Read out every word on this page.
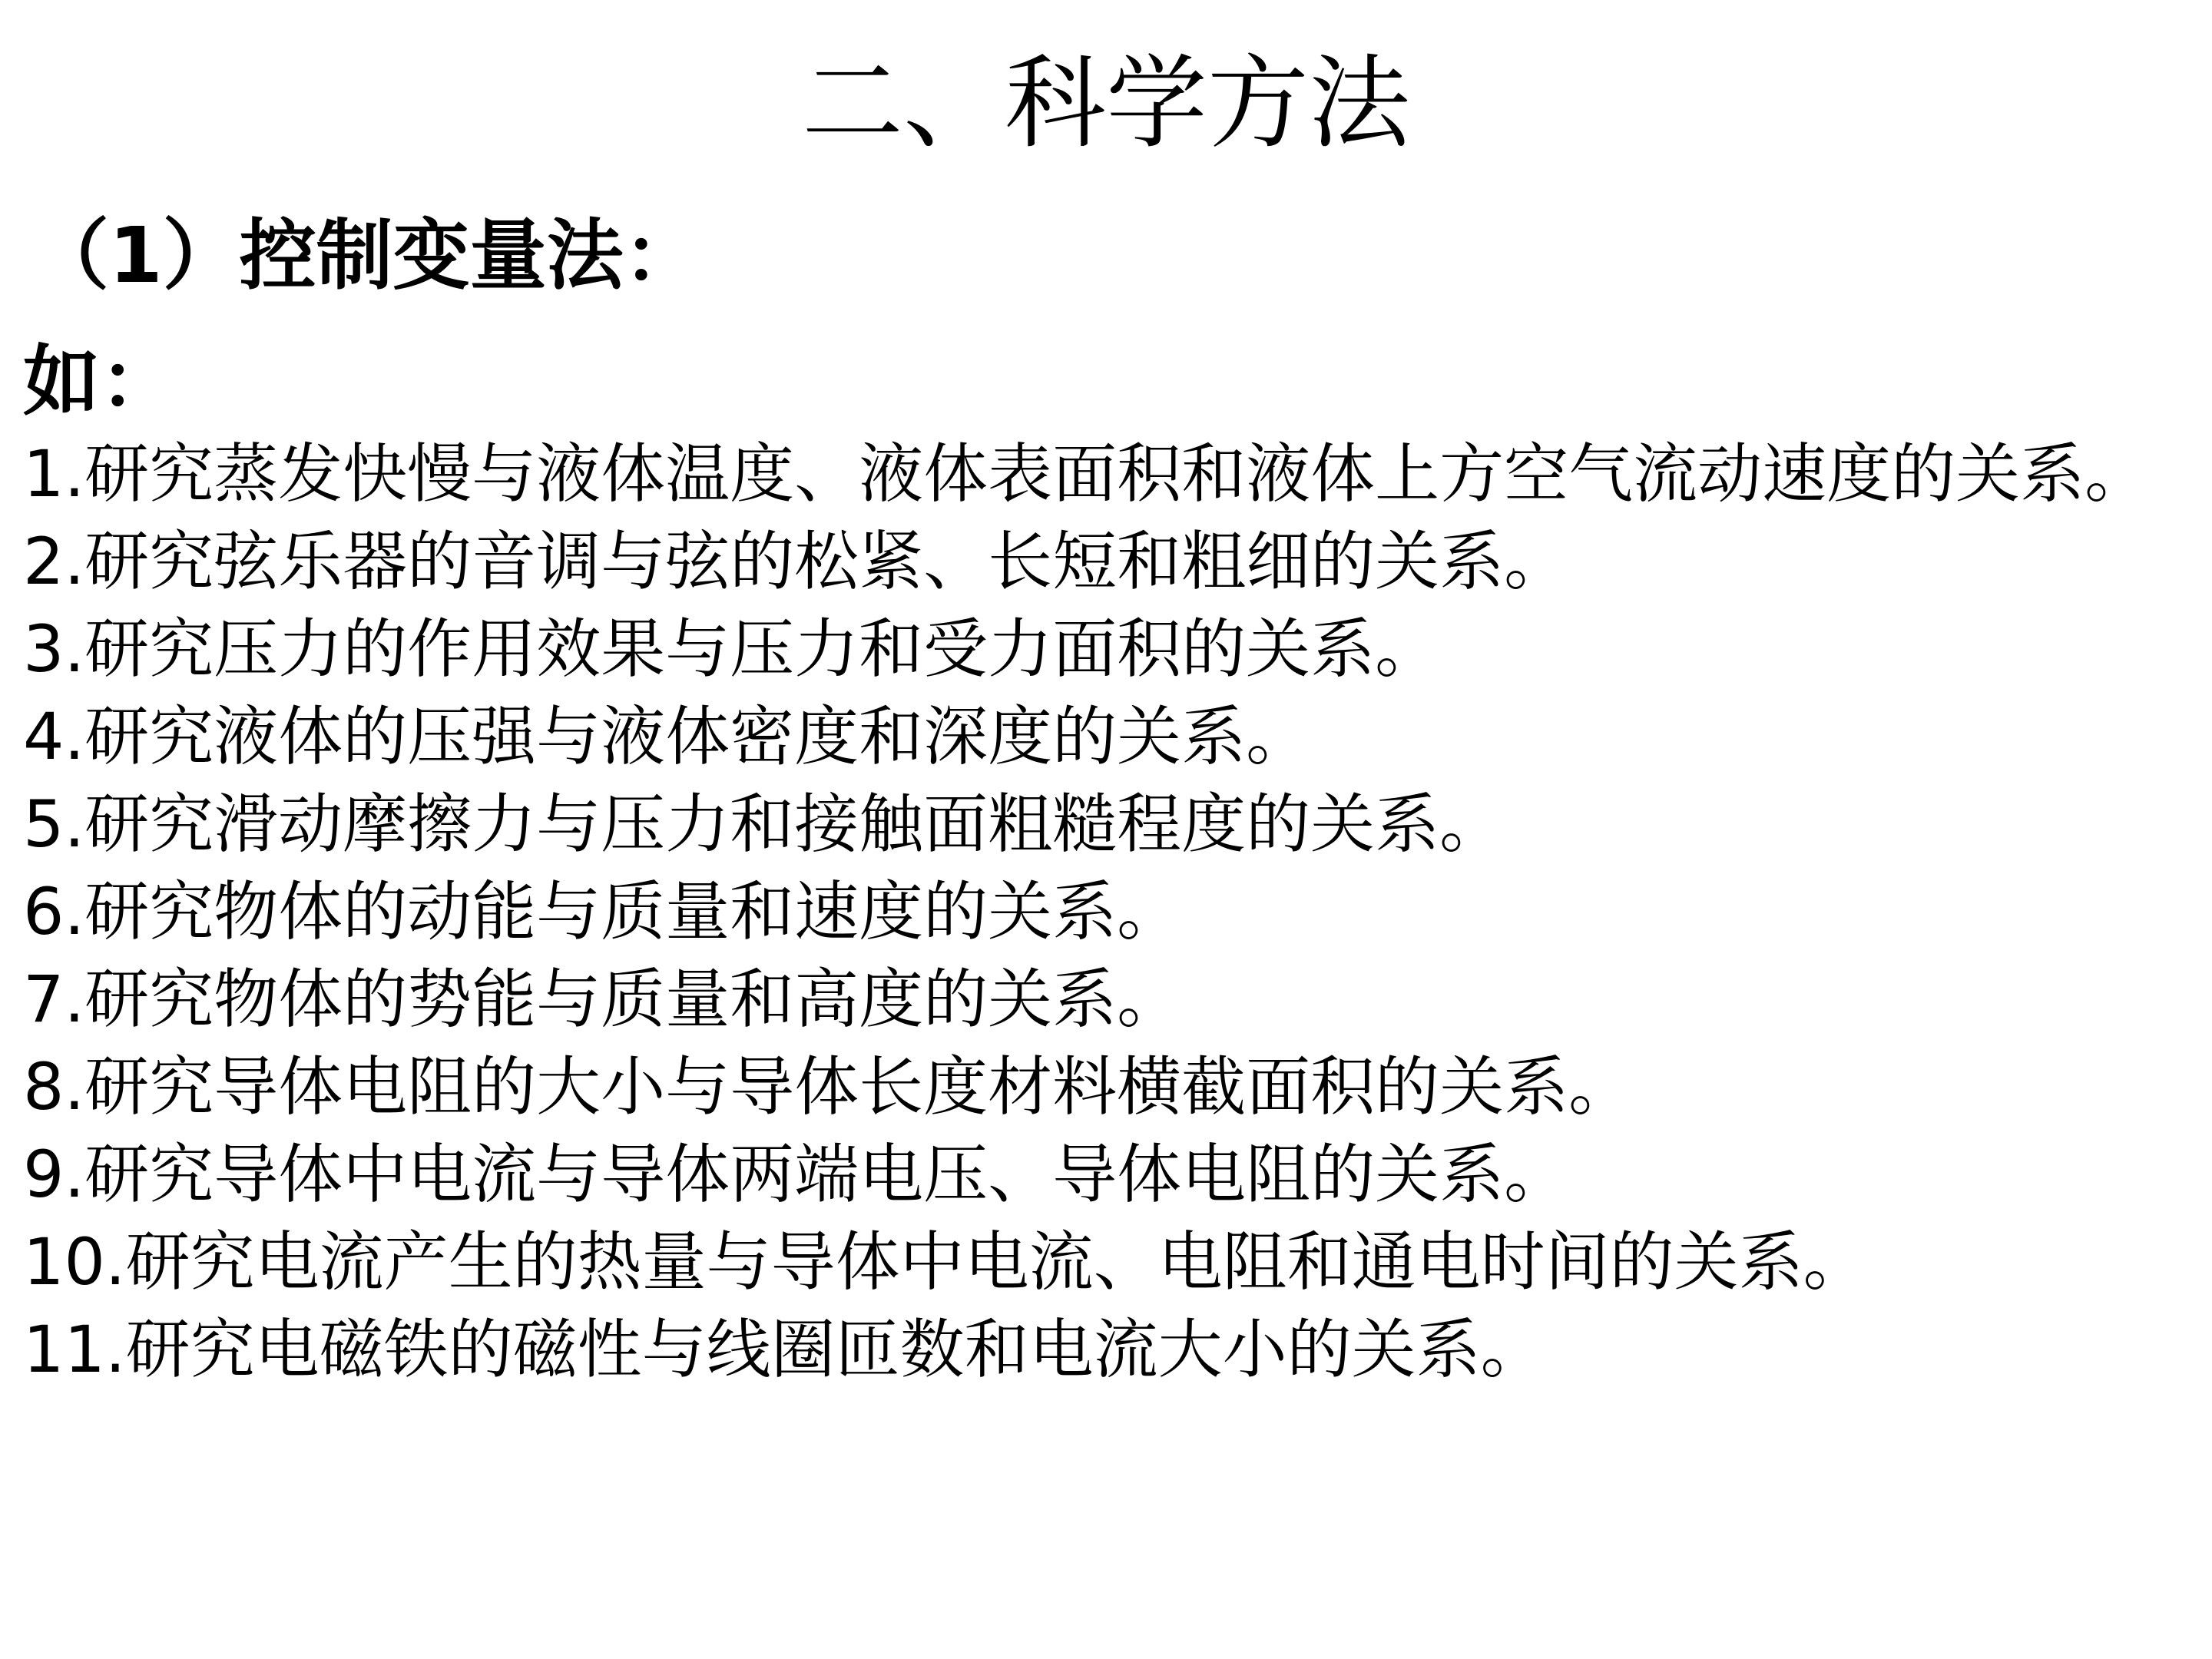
二、科学方法
（1）控制变量法：
如：
1.研究蒸发快慢与液体温度、液体表面积和液体上方空气流动速度的关系。
2.研究弦乐器的音调与弦的松紧、长短和粗细的关系。
3.研究压力的作用效果与压力和受力面积的关系。
4.研究液体的压强与液体密度和深度的关系。
5.研究滑动摩擦力与压力和接触面粗糙程度的关系。
6.研究物体的动能与质量和速度的关系。
7.研究物体的势能与质量和高度的关系。
8.研究导体电阻的大小与导体长度材料横截面积的关系。
9.研究导体中电流与导体两端电压、导体电阻的关系。
10.研究电流产生的热量与导体中电流、电阻和通电时间的关系。
11.研究电磁铁的磁性与线圈匝数和电流大小的关系。
